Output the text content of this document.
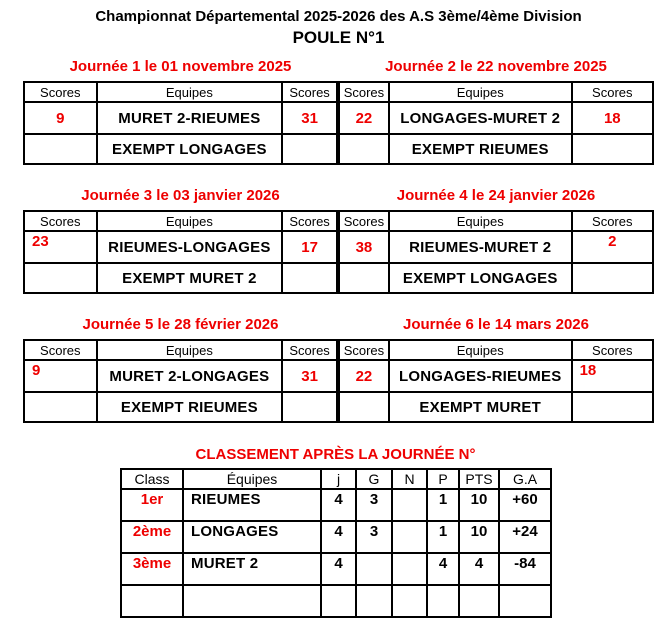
Championnat Départemental 2025-2026 des A.S 3ème/4ème Division
POULE N°1
Journée 1 le 01 novembre 2025
Scores	Equipes	Scores
9	MURET 2-RIEUMES	31
	EXEMPT LONGAGES	
Journée 2 le 22 novembre 2025
Scores	Equipes	Scores
22	LONGAGES-MURET 2	18
	EXEMPT RIEUMES	
Journée 3 le 03 janvier 2026
Scores	Equipes	Scores
23	RIEUMES-LONGAGES	17
	EXEMPT MURET 2	
Journée 4 le 24 janvier 2026
Scores	Equipes	Scores
38	RIEUMES-MURET 2	2
	EXEMPT LONGAGES	
Journée 5 le 28 février 2026
Scores	Equipes	Scores
9	MURET 2-LONGAGES	31
	EXEMPT RIEUMES	
Journée 6 le 14 mars 2026
Scores	Equipes	Scores
22	LONGAGES-RIEUMES	18
	EXEMPT MURET	
CLASSEMENT APRÈS LA JOURNÉE N°
Class	Équipes	j	G	N	P	PTS	G.A
1er	RIEUMES	4	3		1	10	+60
2ème	LONGAGES	4	3		1	10	+24
3ème	MURET 2	4			4	4	-84
